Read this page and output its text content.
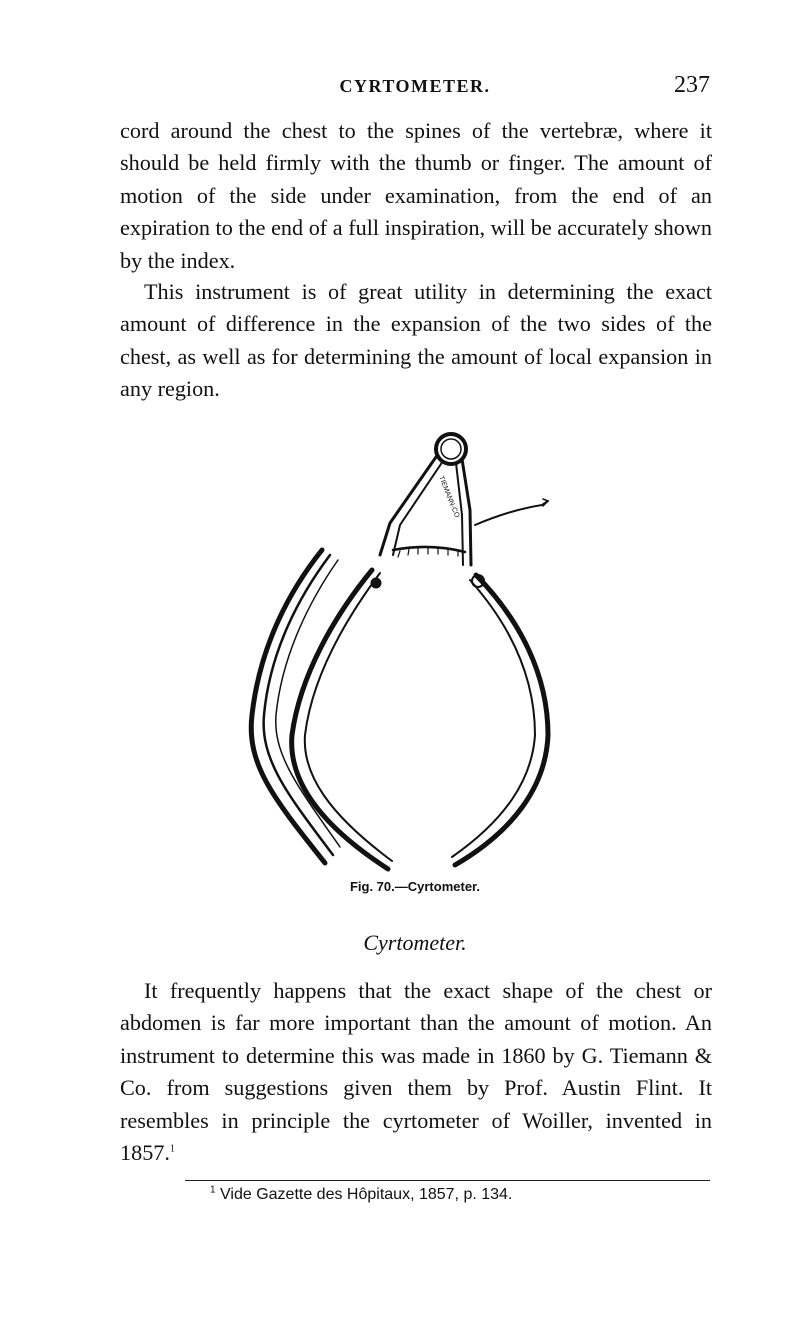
CYRTOMETER.	237

cord around the chest to the spines of the vertebræ, where it should be held firmly with the thumb or finger. The amount of motion of the side under examination, from the end of an expiration to the end of a full inspiration, will be accurately shown by the index.

This instrument is of great utility in determining the exact amount of difference in the expansion of the two sides of the chest, as well as for determining the amount of local expansion in any region.

TIEMANN-CO
Fig. 70.—Cyrtometer.
Cyrtometer.

It frequently happens that the exact shape of the chest or abdomen is far more important than the amount of motion. An instrument to determine this was made in 1860 by G. Tiemann & Co. from suggestions given them by Prof. Austin Flint. It resembles in principle the cyrtometer of Woiller, invented in 1857.$^1$

$^1$ Vide Gazette des Hôpitaux, 1857, p. 134.
